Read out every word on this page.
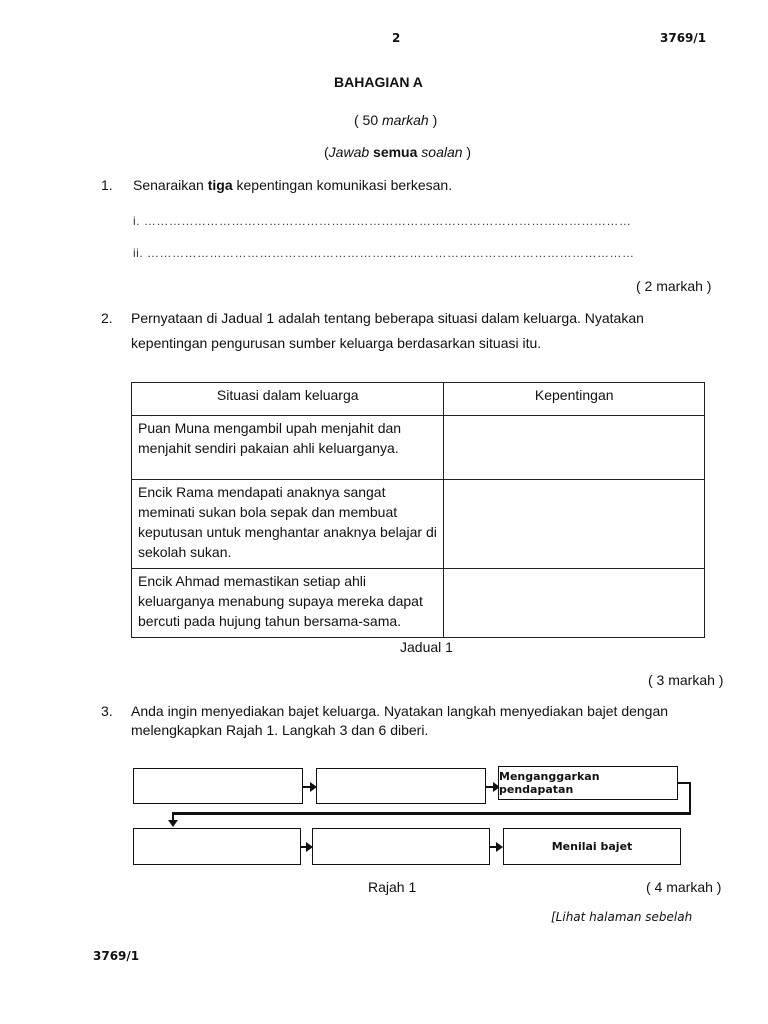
2	3769/1
BAHAGIAN A
( 50 markah )
(Jawab semua soalan )
1. Senaraikan tiga kepentingan komunikasi berkesan.
i. ………………………………………………………………………………………………………
ii. ………………………………………………………………………………………………………
( 2 markah )
2. Pernyataan di Jadual 1 adalah tentang beberapa situasi dalam keluarga. Nyatakan
kepentingan pengurusan sumber keluarga berdasarkan situasi itu.
Situasi dalam keluarga	Kepentingan
Puan Muna mengambil upah menjahit dan menjahit sendiri pakaian ahli keluarganya.	
Encik Rama mendapati anaknya sangat meminati sukan bola sepak dan membuat keputusan untuk menghantar anaknya belajar di sekolah sukan.	
Encik Ahmad memastikan setiap ahli keluarganya menabung supaya mereka dapat bercuti pada hujung tahun bersama-sama.	
Jadual 1
( 3 markah )
3. Anda ingin menyediakan bajet keluarga. Nyatakan langkah menyediakan bajet dengan
melengkapkan Rajah 1. Langkah 3 dan 6 diberi.
Menganggarkan pendapatan
Menilai bajet
Rajah 1	( 4 markah )
[Lihat halaman sebelah
3769/1
